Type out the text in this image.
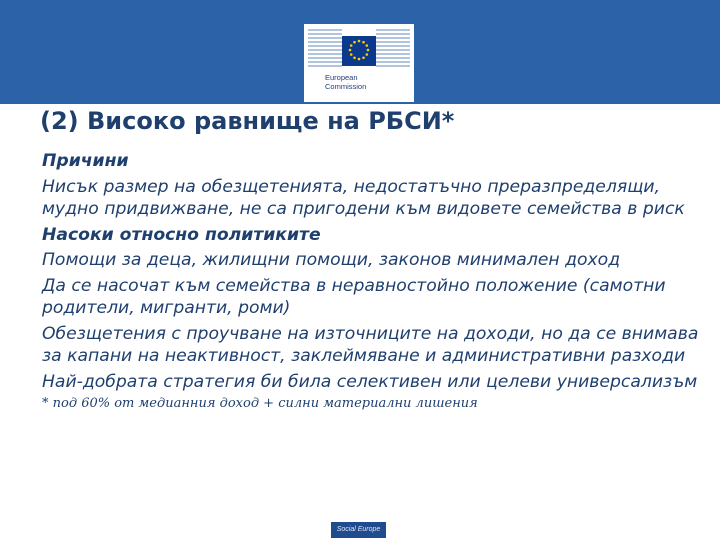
European
Commission
(2) Високо равнище на РБСИ*

Причини

Нисък размер на обезщетенията, недостатъчно преразпределящи, мудно придвижване, не са пригодени към видовете семейства в риск

Насоки относно политиките

Помощи за деца, жилищни помощи, законов минимален доход

Да се насочат към семейства в неравностойно положение (самотни родители, мигранти, роми)

Обезщетения с проучване на източниците на доходи, но да се внимава за капани на неактивност, заклеймяване и административни разходи

Най-добрата стратегия би била селективен или целеви универсализъм

* под 60% от медианния доход + силни материални лишения

Social Europe
